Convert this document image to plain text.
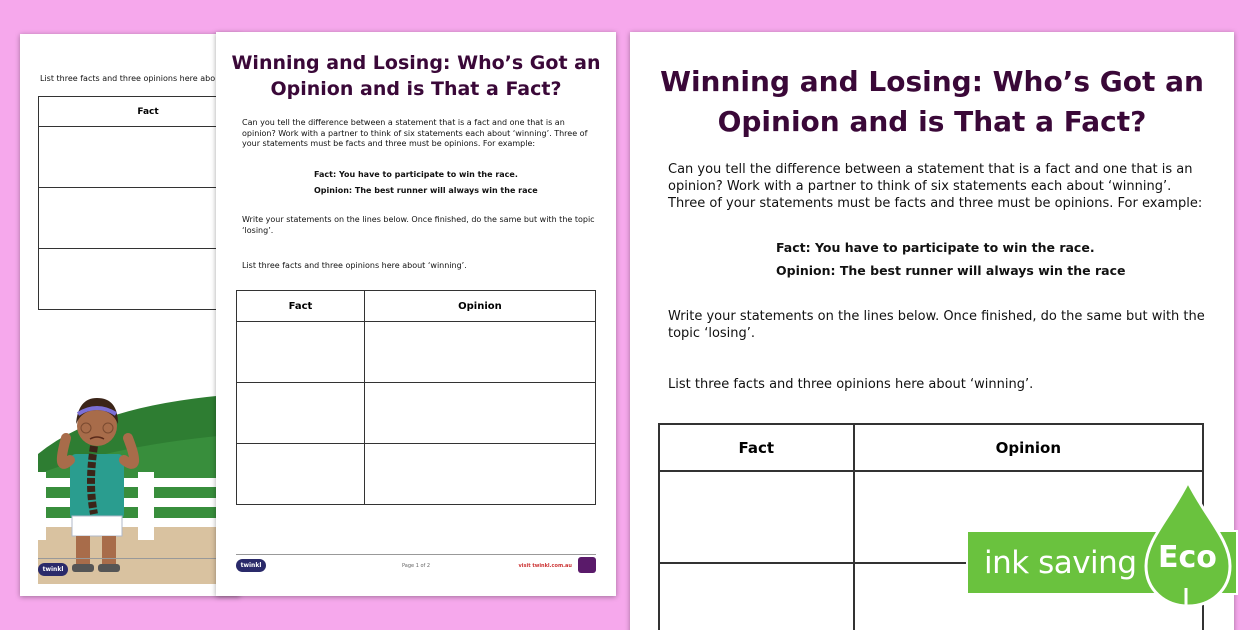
List three facts and three opinions here abo
Fact

twinkl
Winning and Losing: Who’s Got an Opinion and is That a Fact?
Can you tell the difference between a statement that is a fact and one that is an opinion? Work with a partner to think of six statements each about ‘winning’. Three of your statements must be facts and three must be opinions. For example:
Fact: You have to participate to win the race.
Opinion: The best runner will always win the race
Write your statements on the lines below. Once finished, do the same but with the topic ‘losing’.
List three facts and three opinions here about ‘winning’.
Fact	Opinion

twinkl	Page 1 of 2	visit twinkl.com.au
Winning and Losing: Who’s Got an Opinion and is That a Fact?
Can you tell the difference between a statement that is a fact and one that is an opinion? Work with a partner to think of six statements each about ‘winning’. Three of your statements must be facts and three must be opinions. For example:
Fact: You have to participate to win the race.
Opinion: The best runner will always win the race
Write your statements on the lines below. Once finished, do the same but with the topic ‘losing’.
List three facts and three opinions here about ‘winning’.
Fact	Opinion

ink saving Eco
